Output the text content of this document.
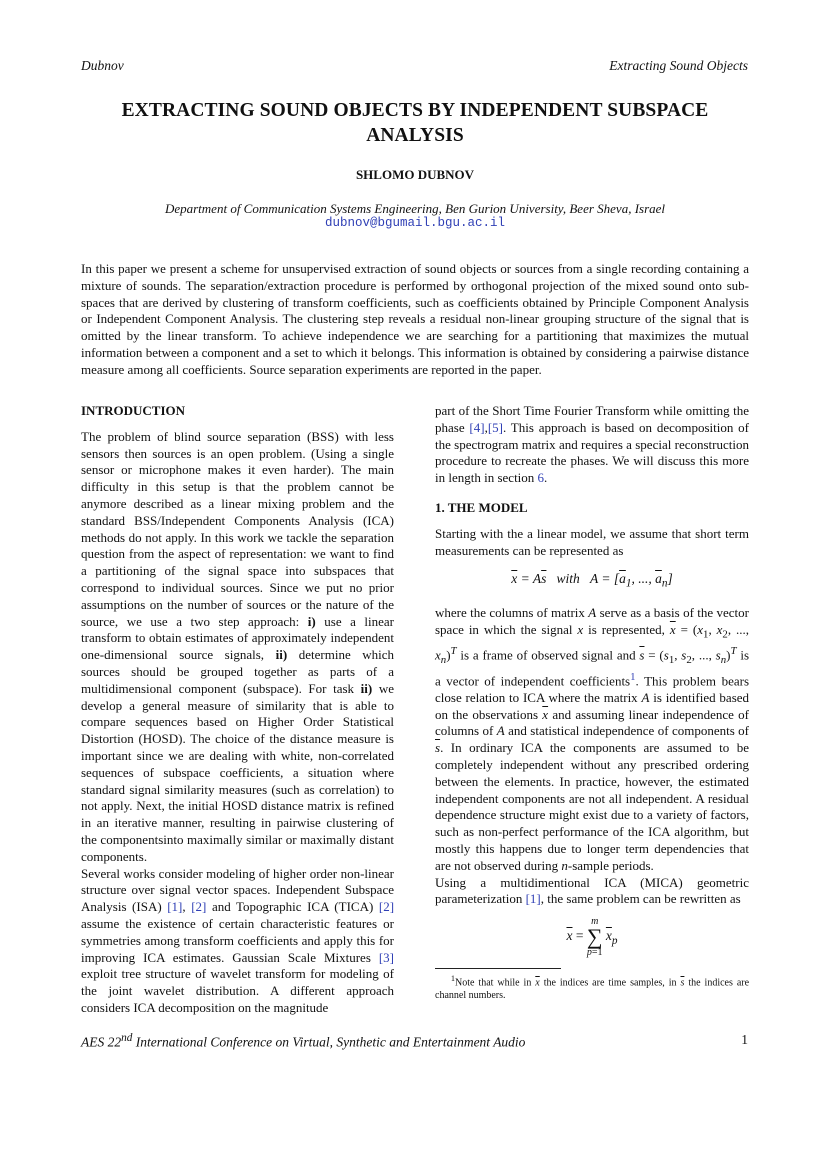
Dubnov	Extracting Sound Objects
EXTRACTING SOUND OBJECTS BY INDEPENDENT SUBSPACE ANALYSIS
SHLOMO DUBNOV
Department of Communication Systems Engineering, Ben Gurion University, Beer Sheva, Israel
dubnov@bgumail.bgu.ac.il
In this paper we present a scheme for unsupervised extraction of sound objects or sources from a single recording containing a mixture of sounds. The separation/extraction procedure is performed by orthogonal projection of the mixed sound onto sub-spaces that are derived by clustering of transform coefficients, such as coefficients obtained by Principle Component Analysis or Independent Component Analysis. The clustering step reveals a residual non-linear grouping structure of the signal that is omitted by the linear transform. To achieve independence we are searching for a partitioning that maximizes the mutual information between a component and a set to which it belongs. This information is obtained by considering a pairwise distance measure among all coefficients. Source separation experiments are reported in the paper.
INTRODUCTION

The problem of blind source separation (BSS) with less sensors then sources is an open problem. (Using a single sensor or microphone makes it even harder). The main difficulty in this setup is that the problem cannot be anymore described as a linear mixing problem and the standard BSS/Independent Components Analysis (ICA) methods do not apply. In this work we tackle the separation question from the aspect of representation: we want to find a partitioning of the signal space into subspaces that correspond to individual sources. Since we put no prior assumptions on the number of sources or the nature of the source, we use a two step approach: i) use a linear transform to obtain estimates of approximately independent one-dimensional source signals, ii) determine which sources should be grouped together as parts of a multidimensional component (subspace). For task ii) we develop a general measure of similarity that is able to compare sequences based on Higher Order Statistical Distortion (HOSD). The choice of the distance measure is important since we are dealing with white, non-correlated sequences of subspace coefficients, a situation where standard signal similarity measures (such as correlation) to not apply. Next, the initial HOSD distance matrix is refined in an iterative manner, resulting in pairwise clustering of the componentsinto maximally similar or maximally distant components.

Several works consider modeling of higher order non-linear structure over signal vector spaces. Independent Subspace Analysis (ISA) [1], [2] and Topographic ICA (TICA) [2] assume the existence of certain characteristic features or symmetries among transform coefficients and apply this for improving ICA estimates. Gaussian Scale Mixtures [3] exploit tree structure of wavelet transform for modeling of the joint wavelet distribution. A different approach considers ICA decomposition on the magnitude

part of the Short Time Fourier Transform while omitting the phase [4],[5]. This approach is based on decomposition of the spectrogram matrix and requires a special reconstruction procedure to recreate the phases. We will discuss this more in length in section 6.

1. THE MODEL

Starting with the a linear model, we assume that short term measurements can be represented as

$\overline{x} = A\overline{s}$ with $A = [\overline{a}_1$, ..., $\overline{a}_n$]

where the columns of matrix A serve as a basis of the vector space in which the signal x is represented, $\overline{x} = (x_1$, $x_2$, ..., $x_n)^T$ is a frame of observed signal and $\overline{s} = (s_1$, $s_2$, ..., $s_n)^T$ is a vector of independent coefficients$^1$. This problem bears close relation to ICA where the matrix A is identified based on the observations $\overline{x}$ and assuming linear independence of columns of A and statistical independence of components of $\overline{s}$. In ordinary ICA the components are assumed to be completely independent without any prescribed ordering between the elements. In practice, however, the estimated independent components are not all independent. A residual dependence structure might exist due to a variety of factors, such as non-perfect performance of the ICA algorithm, but mostly this happens due to longer term dependencies that are not observed during n-sample periods.

Using a multidimentional ICA (MICA) geometric parameterization [1], the same problem can be rewritten as

$\overline{x} = m$
∑
p=1 $\overline{x}_p$
$^1$Note that while in $\overline{x}$ the indices are time samples, in $\overline{s}$ the indices are channel numbers.
AES 22nd International Conference on Virtual, Synthetic and Entertainment Audio	1
